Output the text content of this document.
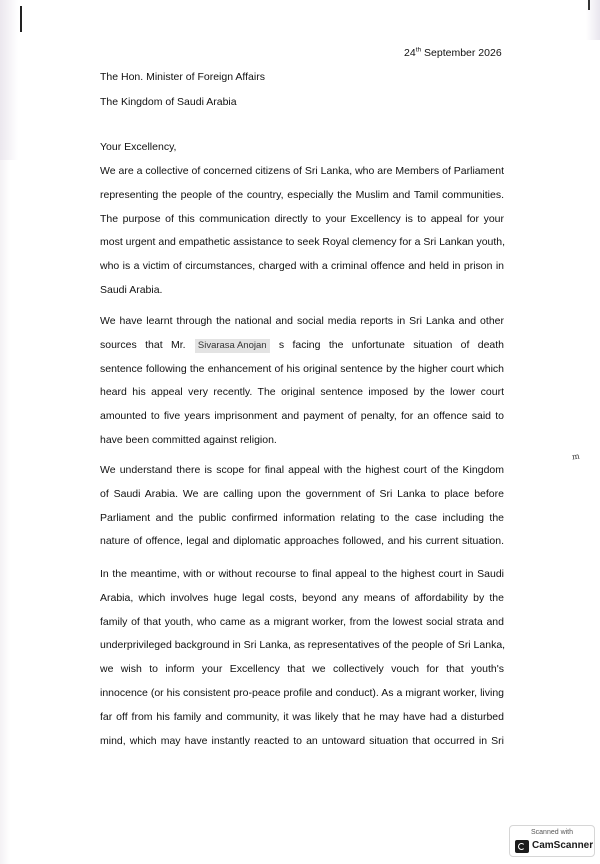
24th September 2026
The Hon. Minister of Foreign Affairs
The Kingdom of Saudi Arabia
Your Excellency,
We are a collective of concerned citizens of Sri Lanka, who are Members of Parliament
representing the people of the country, especially the Muslim and Tamil communities.
The purpose of this communication directly to your Excellency is to appeal for your
most urgent and empathetic assistance to seek Royal clemency for a Sri Lankan youth,
who is a victim of circumstances, charged with a criminal offence and held in prison in
Saudi Arabia.
We have learnt through the national and social media reports in Sri Lanka and other
sources that Mr. Sivarasa Anojan s facing the unfortunate situation of death
sentence following the enhancement of his original sentence by the higher court which
heard his appeal very recently. The original sentence imposed by the lower court
amounted to five years imprisonment and payment of penalty, for an offence said to
have been committed against religion.
We understand there is scope for final appeal with the highest court of the Kingdom
of Saudi Arabia. We are calling upon the government of Sri Lanka to place before
Parliament and the public confirmed information relating to the case including the
nature of offence, legal and diplomatic approaches followed, and his current situation.
In the meantime, with or without recourse to final appeal to the highest court in Saudi
Arabia, which involves huge legal costs, beyond any means of affordability by the
family of that youth, who came as a migrant worker, from the lowest social strata and
underprivileged background in Sri Lanka, as representatives of the people of Sri Lanka,
we wish to inform your Excellency that we collectively vouch for that youth's
innocence (or his consistent pro-peace profile and conduct). As a migrant worker, living
far off from his family and community, it was likely that he may have had a disturbed
mind, which may have instantly reacted to an untoward situation that occurred in Sri
m
Scanned with
CamScanner
